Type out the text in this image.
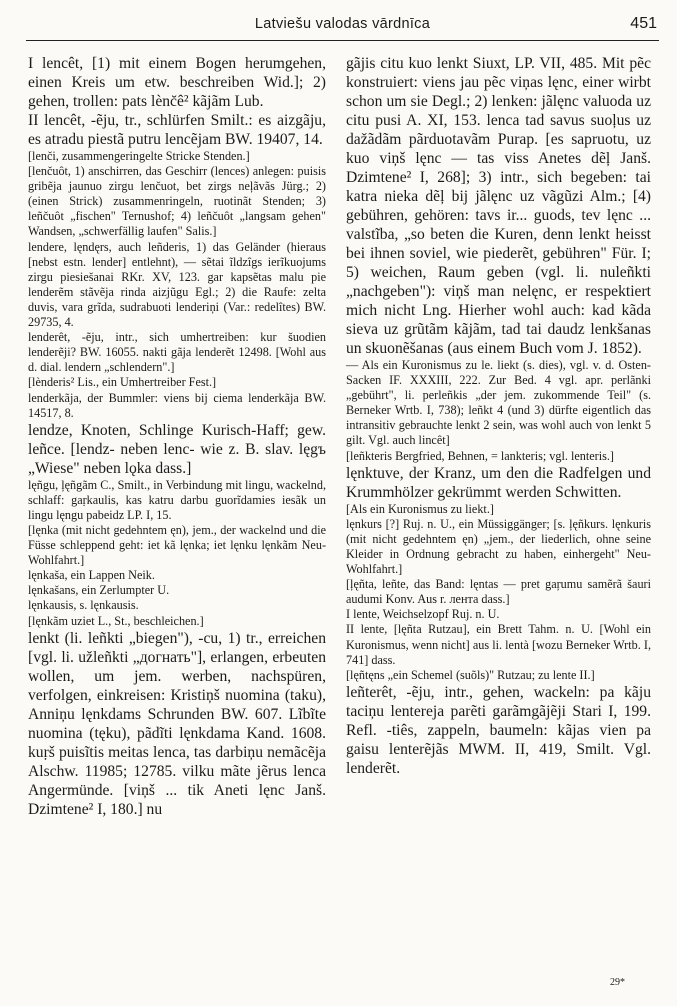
Latviešu valodas vārdnīca	451

I lencêt, [1) mit einem Bogen herumgehen, einen Kreis um etw. beschreiben Wid.]; 2) gehen, trollen: pats lènc̆ê² kãjãm Lub.

II lencêt, -ẽju, tr., schlürfen Smilt.: es aizgãju, es atradu piestã putru lencẽjam BW. 19407, 14.

[lenči, zusammengeringelte Stricke Stenden.]

[lenčuôt, 1) anschirren, das Geschirr (lences) anlegen: puisis gribẽja jaunuo zirgu lenčuot, bet zirgs neļãvãs Jürg.; 2) (einen Strick) zusammenringeln, ruotinãt Stenden; 3) leñčuôt „fischen" Ternushof; 4) leñčuôt „langsam gehen" Wandsen, „schwerfällig laufen" Salis.]

lendere, lęndęrs, auch leñderis, 1) das Geländer (hieraus [nebst estn. lender] entlehnt), — sẽtai ĩldzîgs ierĩkuojums zirgu piesiešanai RKr. XV, 123. gar kapsẽtas malu pie lenderẽm stãvẽja rinda aizjũgu Egl.; 2) die Raufe: zelta duvis, vara grĩda, sudrabuoti lenderiņi (Var.: redelîtes) BW. 29735, 4.

lenderêt, -ẽju, intr., sich umhertreiben: kur šuodien lenderẽji? BW. 16055. nakti gãja lenderẽt 12498. [Wohl aus d. dial. lendern „schlendern".]

[lènderis² Lis., ein Umhertreiber Fest.]

lenderkãja, der Bummler: viens bij ciema lenderkãja BW. 14517, 8.

lendze, Knoten, Schlinge Kurisch-Haff; gew. leñce. [lendz- neben lenc- wie z. B. slav. lęgъ „Wiese" neben lǫka dass.]

lęñgu, ļęñgãm C., Smilt., in Verbindung mit lingu, wackelnd, schlaff: gaṛkaulis, kas katru darbu guorĩdamies iesãk un lingu lęngu pabeidz LP. I, 15.

[lęnka (mit nicht gedehntem ęn), jem., der wackelnd und die Füsse schleppend geht: iet kã lęnka; iet lęnku lęnkãm Neu-Wohlfahrt.]

lęnkaša, ein Lappen Neik.

lęnkašans, ein Zerlumpter U.

lęnkausis, s. lęnkausis.

[lęnkãm uziet L., St., beschleichen.]

lenkt (li. leñkti „biegen"), -cu, 1) tr., erreichen [vgl. li. užleñkti „догнать"], erlangen, erbeuten wollen, um jem. werben, nachspüren, verfolgen, einkreisen: Kristiņš nuomina (taku), Anniņu lęnkdams Schrunden BW. 607. Lĩbĩte nuomina (tęku), pãdĩti lęnkdama Kand. 1608. kuṛš puisĩtis meitas lenca, tas darbiņu nemãcẽja Alschw. 11985; 12785. vilku mãte jẽrus lenca Angermünde. [viņš ... tik Aneti lęnc Janš. Dzimtene² I, 180.] nu

gãjis citu kuo lenkt Siuxt, LP. VII, 485. Mit pẽc konstruiert: viens jau pẽc viņas lęnc, einer wirbt schon um sie Degl.; 2) lenken: jãlęnc valuoda uz citu pusi A. XI, 153. lenca tad savus suoļus uz dažãdãm pãrduotavãm Purap. [es sapruotu, uz kuo viņš lęnc — tas viss Anetes dẽļ Janš. Dzimtene² I, 268]; 3) intr., sich begeben: tai katra nieka dẽļ bij jãlęnc uz vãgũzi Alm.; [4) gebühren, gehören: tavs ir... guods, tev lęnc ... valstĩba, „so beten die Kuren, denn lenkt heisst bei ihnen soviel, wie piederẽt, gebühren" Für. I; 5) weichen, Raum geben (vgl. li. nuleñkti „nachgeben"): viņš man nelęnc, er respektiert mich nicht Lng. Hierher wohl auch: kad kãda sieva uz grũtãm kãjãm, tad tai daudz lenkšanas un skuonẽšanas (aus einem Buch vom J. 1852).

— Als ein Kuronismus zu le. liekt (s. dies), vgl. v. d. Osten-Sacken IF. XXXIII, 222. Zur Bed. 4 vgl. apr. perlãnki „gebührt", li. perleñkis „der jem. zukommende Teil" (s. Berneker Wrtb. I, 738); leñkt 4 (und 3) dürfte eigentlich das intransitiv gebrauchte lenkt 2 sein, was wohl auch von lenkt 5 gilt. Vgl. auch lincêt]

[leñkteris Bergfried, Behnen, = lankteris; vgl. lenteris.]

lęnktuve, der Kranz, um den die Radfelgen und Krummhölzer gekrümmt werden Schwitten.

[Als ein Kuronismus zu liekt.]

lęnkurs [?] Ruj. n. U., ein Müssiggänger; [s. ļęñkurs. lęnkuris (mit nicht gedehntem ęn) „jem., der liederlich, ohne seine Kleider in Ordnung gebracht zu haben, einhergeht" Neu-Wohlfahrt.]

[ļęñta, leñte, das Band: lęntas — pret gaŗumu samẽrã šauri audumi Konv. Aus r. лента dass.]

I lente, Weichselzopf Ruj. n. U.

II lente, [lęñta Rutzau], ein Brett Tahm. n. U. [Wohl ein Kuronismus, wenn nicht] aus li. lentà [wozu Berneker Wrtb. I, 741] dass.

[lęñtęns „ein Schemel (suõls)" Rutzau; zu lente II.]

leñterêt, -ẽju, intr., gehen, wackeln: pa kãju taciņu lentereja parẽti garãmgãjẽji Stari I, 199. Refl. -tiês, zappeln, baumeln: kãjas vien pa gaisu lenterẽjãs MWM. II, 419, Smilt. Vgl. lenderẽt.

29*
